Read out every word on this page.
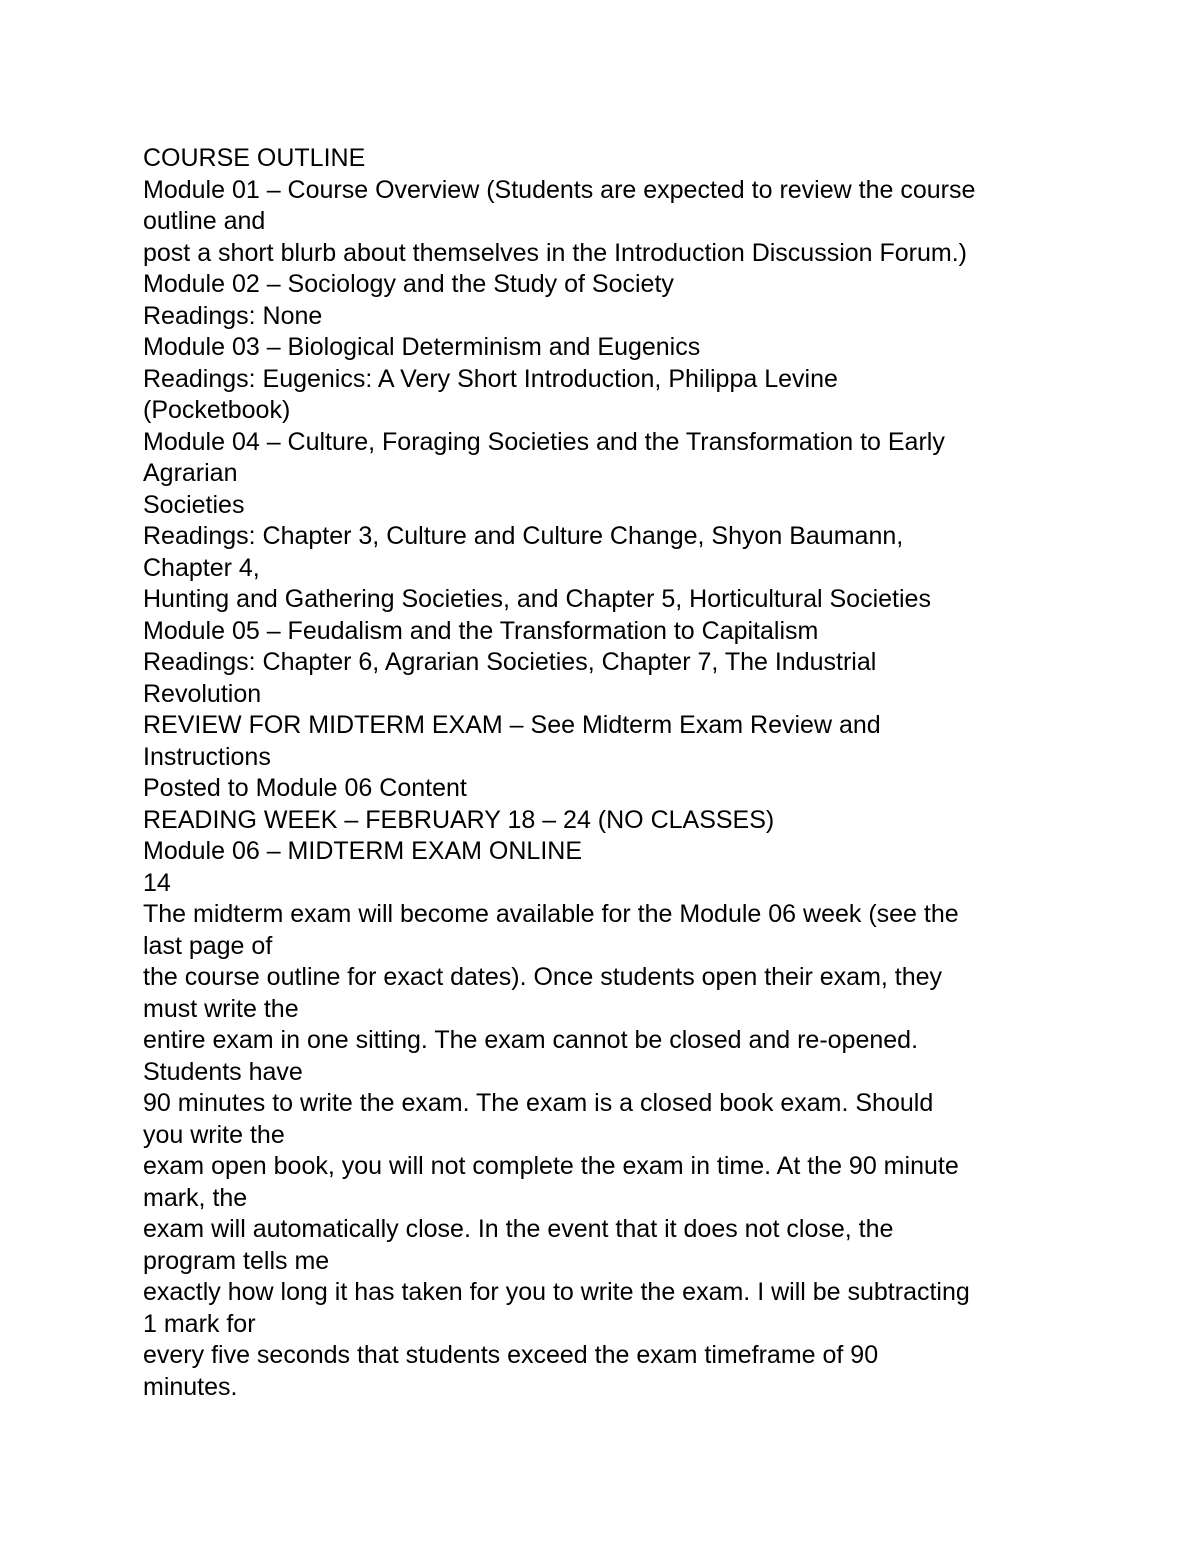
COURSE OUTLINE
Module 01 – Course Overview (Students are expected to review the course
outline and
post a short blurb about themselves in the Introduction Discussion Forum.)
Module 02 – Sociology and the Study of Society
Readings: None
Module 03 – Biological Determinism and Eugenics
Readings: Eugenics: A Very Short Introduction, Philippa Levine
(Pocketbook)
Module 04 – Culture, Foraging Societies and the Transformation to Early
Agrarian
Societies
Readings: Chapter 3, Culture and Culture Change, Shyon Baumann,
Chapter 4,
Hunting and Gathering Societies, and Chapter 5, Horticultural Societies
Module 05 – Feudalism and the Transformation to Capitalism
Readings: Chapter 6, Agrarian Societies, Chapter 7, The Industrial
Revolution
REVIEW FOR MIDTERM EXAM – See Midterm Exam Review and
Instructions
Posted to Module 06 Content
READING WEEK – FEBRUARY 18 – 24 (NO CLASSES)
Module 06 – MIDTERM EXAM ONLINE
14
The midterm exam will become available for the Module 06 week (see the
last page of
the course outline for exact dates). Once students open their exam, they
must write the
entire exam in one sitting. The exam cannot be closed and re-opened.
Students have
90 minutes to write the exam. The exam is a closed book exam. Should
you write the
exam open book, you will not complete the exam in time. At the 90 minute
mark, the
exam will automatically close. In the event that it does not close, the
program tells me
exactly how long it has taken for you to write the exam. I will be subtracting
1 mark for
every five seconds that students exceed the exam timeframe of 90
minutes.
